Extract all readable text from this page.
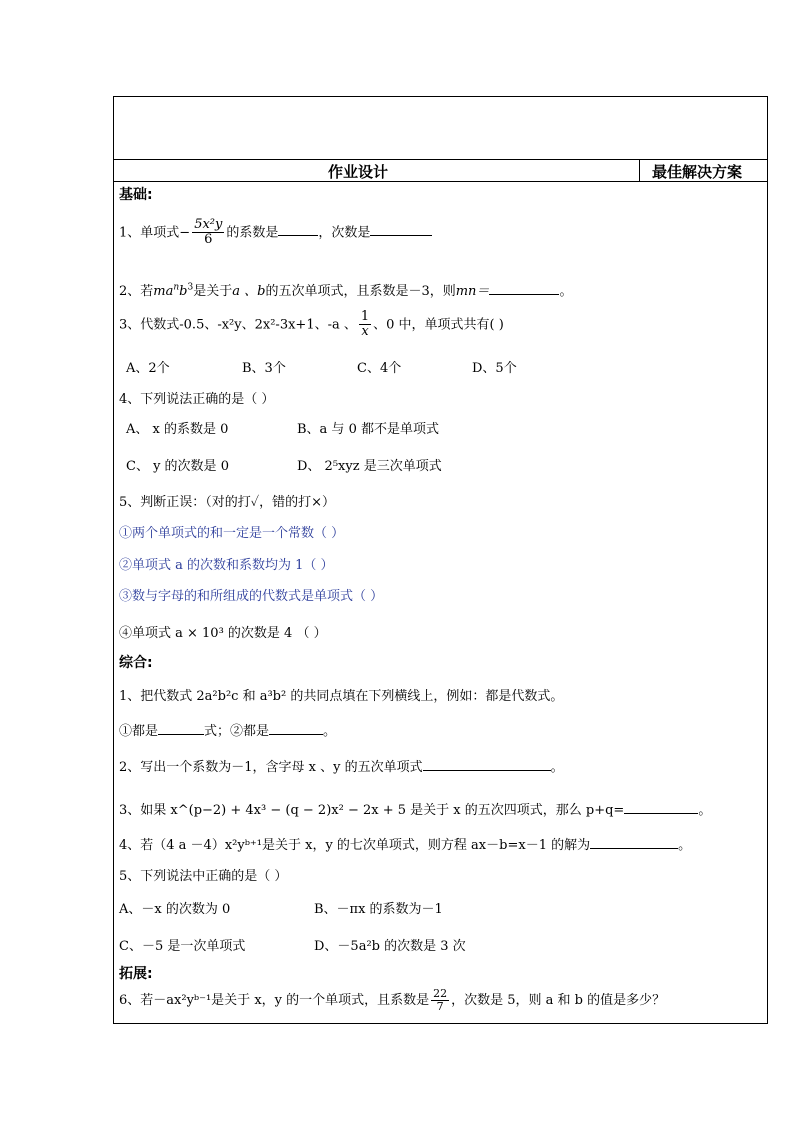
作业设计	最佳解决方案
基础:
1、单项式− $\frac{\text{5x²y}}{6}$ 的系数是	，次数是
2、若$ma^nb^3$是关于a 、b的五次单项式，且系数是－3，则mn＝	。
3、代数式-0.5、-x²y、2x²-3x+1、-a 、 $\frac{1}{x}$ 、0 中，单项式共有( )
A、2个	B、3个	C、4个	D、5个
4、下列说法正确的是（ ）
A、 x 的系数是 0	B、a 与 0 都不是单项式
C、 y 的次数是 0	D、 2⁵xyz 是三次单项式
5、判断正误：（对的打✓，错的打×）
①两个单项式的和一定是一个常数（ ）
②单项式 a 的次数和系数均为 1（ ）
③数与字母的和所组成的代数式是单项式（ ）
④单项式 a × 10³ 的次数是 4 （ ）
综合:
1、把代数式 2a²b²c 和 a³b² 的共同点填在下列横线上，例如：都是代数式。
①都是	式；②都是	。
2、写出一个系数为－1，含字母 x 、y 的五次单项式	。
3、如果 x^(p−2) + 4x³ − (q − 2)x² − 2x + 5 是关于 x 的五次四项式，那么 p+q=	。
4、若（4 a －4）x²yᵇ⁺¹是关于 x，y 的七次单项式，则方程 ax－b=x－1 的解为	。
5、下列说法中正确的是（ ）
A、－x 的次数为 0	B、－πx 的系数为－1
C、－5 是一次单项式	D、－5a²b 的次数是 3 次
拓展:
6、若－ax²yᵇ⁻¹是关于 x，y 的一个单项式，且系数是 $\frac{22}{7}$ ，次数是 5，则 a 和 b 的值是多少？
